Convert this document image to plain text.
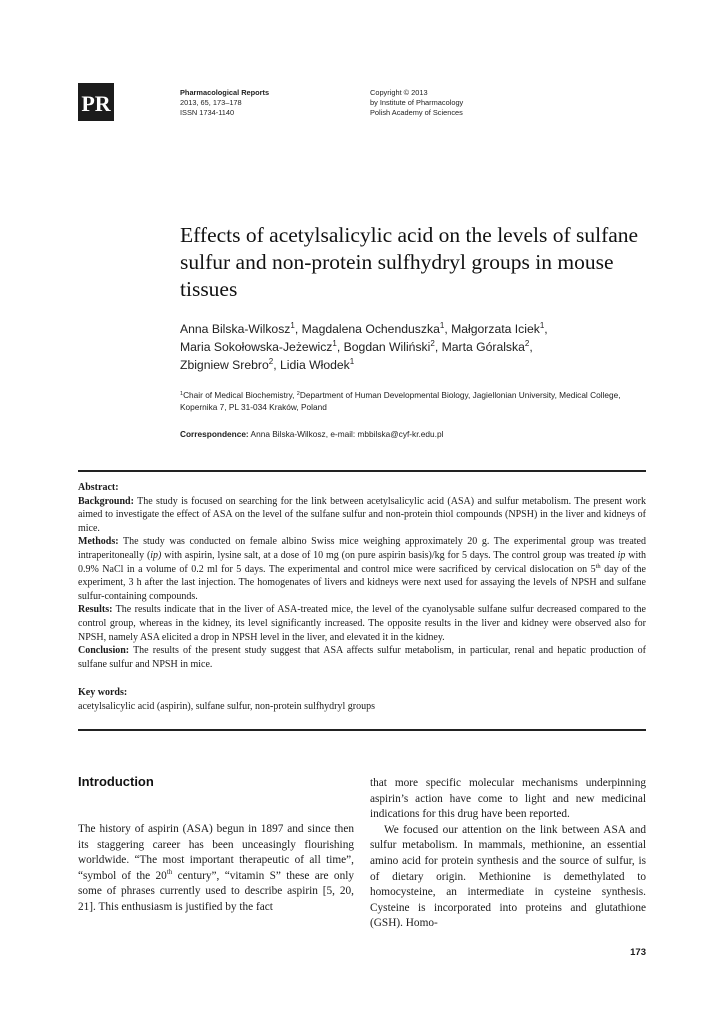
PR	Pharmacological Reports
2013, 65, 173–178
ISSN 1734-1140
Copyright © 2013
by Institute of Pharmacology
Polish Academy of Sciences
Effects of acetylsalicylic acid on the levels of sulfane sulfur and non-protein sulfhydryl groups in mouse tissues
Anna Bilska-Wilkosz$^1$, Magdalena Ochenduszka$^1$, Małgorzata Iciek$^1$,
Maria Sokołowska-Jeżewicz$^1$, Bogdan Wiliński$^2$, Marta Góralska$^2$,
Zbigniew Srebro$^2$, Lidia Włodek$^1$
$^1$Chair of Medical Biochemistry, $^2$Department of Human Developmental Biology, Jagiellonian University, Medical College, Kopernika 7, PL 31-034 Kraków, Poland
Correspondence: Anna Bilska-Wilkosz, e-mail: mbbilska@cyf-kr.edu.pl

Abstract:

Background: The study is focused on searching for the link between acetylsalicylic acid (ASA) and sulfur metabolism. The present work aimed to investigate the effect of ASA on the level of the sulfane sulfur and non-protein thiol compounds (NPSH) in the liver and kidneys of mice.

Methods: The study was conducted on female albino Swiss mice weighing approximately 20 g. The experimental group was treated intraperitoneally (ip) with aspirin, lysine salt, at a dose of 10 mg (on pure aspirin basis)/kg for 5 days. The control group was treated ip with 0.9% NaCl in a volume of 0.2 ml for 5 days. The experimental and control mice were sacrificed by cervical dislocation on 5th day of the experiment, 3 h after the last injection. The homogenates of livers and kidneys were next used for assaying the levels of NPSH and sulfane sulfur-containing compounds.

Results: The results indicate that in the liver of ASA-treated mice, the level of the cyanolysable sulfane sulfur decreased compared to the control group, whereas in the kidney, its level significantly increased. The opposite results in the liver and kidney were observed also for NPSH, namely ASA elicited a drop in NPSH level in the liver, and elevated it in the kidney.

Conclusion: The results of the present study suggest that ASA affects sulfur metabolism, in particular, renal and hepatic production of sulfane sulfur and NPSH in mice.

Key words:

acetylsalicylic acid (aspirin), sulfane sulfur, non-protein sulfhydryl groups

Introduction

The history of aspirin (ASA) begun in 1897 and since then its staggering career has been unceasingly flourishing worldwide. “The most important therapeutic of all time”, “symbol of the 20th century”, “vitamin S” these are only some of phrases currently used to describe aspirin [5, 20, 21]. This enthusiasm is justified by the fact

that more specific molecular mechanisms underpinning aspirin’s action have come to light and new medicinal indications for this drug have been reported.

We focused our attention on the link between ASA and sulfur metabolism. In mammals, methionine, an essential amino acid for protein synthesis and the source of sulfur, is of dietary origin. Methionine is demethylated to homocysteine, an intermediate in cysteine synthesis. Cysteine is incorporated into proteins and glutathione (GSH). Homo-

173
